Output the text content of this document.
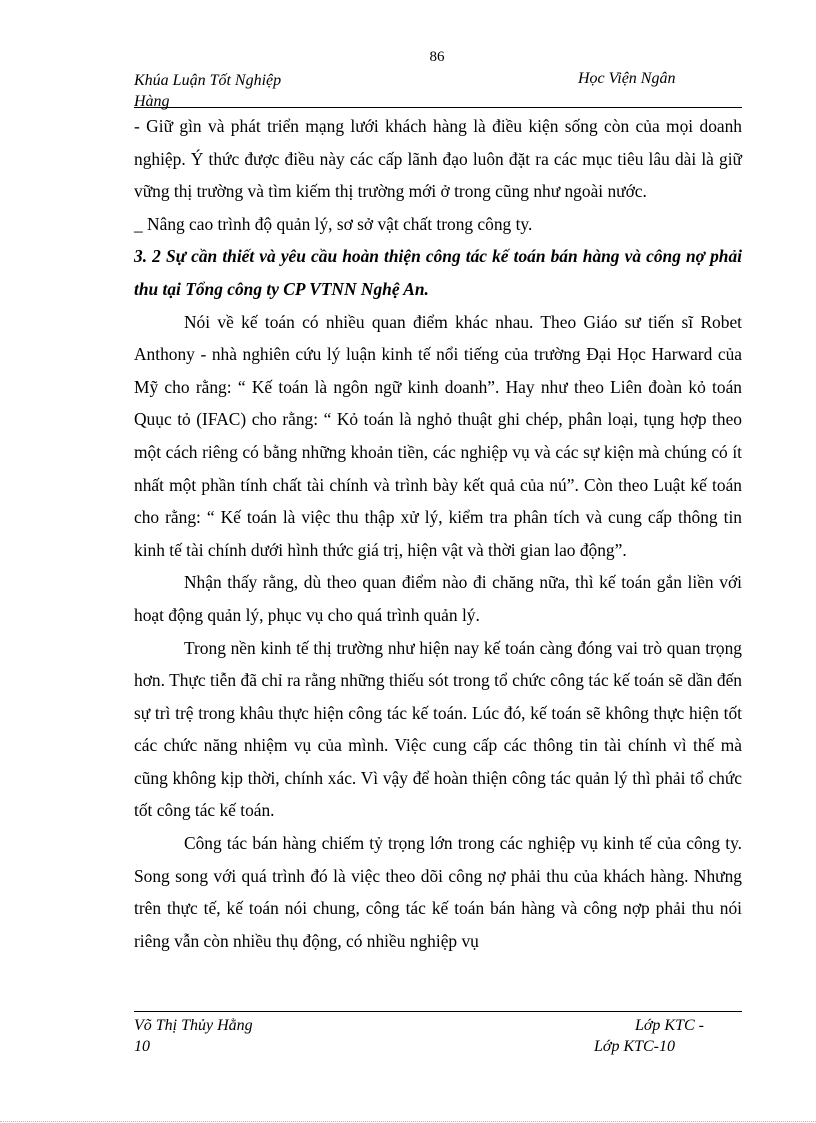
86
Khúa Luận Tốt Nghiệp
Hàng
Học Viện Ngân

- Giữ gìn và phát triển mạng lưới khách hàng là điều kiện sống còn của mọi doanh nghiệp. Ý thức được điều này các cấp lãnh đạo luôn đặt ra các mục tiêu lâu dài là giữ vững thị trường và tìm kiếm thị trường mới ở trong cũng như ngoài nước.

_ Nâng cao trình độ quản lý, sơ sở vật chất trong công ty.

3. 2 Sự cần thiết và yêu cầu hoàn thiện công tác kế toán bán hàng và công nợ phải thu tại Tổng công ty CP VTNN Nghệ An.

Nói về kế toán có nhiều quan điểm khác nhau. Theo Giáo sư tiến sĩ Robet Anthony - nhà nghiên cứu lý luận kinh tế nổi tiếng của trường Đại Học Harward của Mỹ cho rằng: “ Kế toán là ngôn ngữ kinh doanh”. Hay như theo Liên đoàn kỏ toán Quục tỏ (IFAC) cho rằng: “ Kỏ toán là nghỏ thuật ghi chép, phân loại, tụng hợp theo một cách riêng có bằng những khoản tiền, các nghiệp vụ và các sự kiện mà chúng có ít nhất một phần tính chất tài chính và trình bày kết quả của nú”. Còn theo Luật kế toán cho rằng: “ Kế toán là việc thu thập xử lý, kiểm tra phân tích và cung cấp thông tin kinh tế tài chính dưới hình thức giá trị, hiện vật và thời gian lao động”.

Nhận thấy rằng, dù theo quan điểm nào đi chăng nữa, thì kế toán gắn liền với hoạt động quản lý, phục vụ cho quá trình quản lý.

Trong nền kinh tế thị trường như hiện nay kế toán càng đóng vai trò quan trọng hơn. Thực tiễn đã chỉ ra rằng những thiếu sót trong tổ chức công tác kế toán sẽ dần đến sự trì trệ trong khâu thực hiện công tác kế toán. Lúc đó, kế toán sẽ không thực hiện tốt các chức năng nhiệm vụ của mình. Việc cung cấp các thông tin tài chính vì thế mà cũng không kịp thời, chính xác. Vì vậy để hoàn thiện công tác quản lý thì phải tổ chức tốt công tác kế toán.

Công tác bán hàng chiếm tỷ trọng lớn trong các nghiệp vụ kinh tế của công ty. Song song với quá trình đó là việc theo dõi công nợ phải thu của khách hàng. Nhưng trên thực tế, kế toán nói chung, công tác kế toán bán hàng và công nợp phải thu nói riêng vẫn còn nhiều thụ động, có nhiều nghiệp vụ

Võ Thị Thủy Hằng
10
Lớp KTC -
Lớp KTC-10
